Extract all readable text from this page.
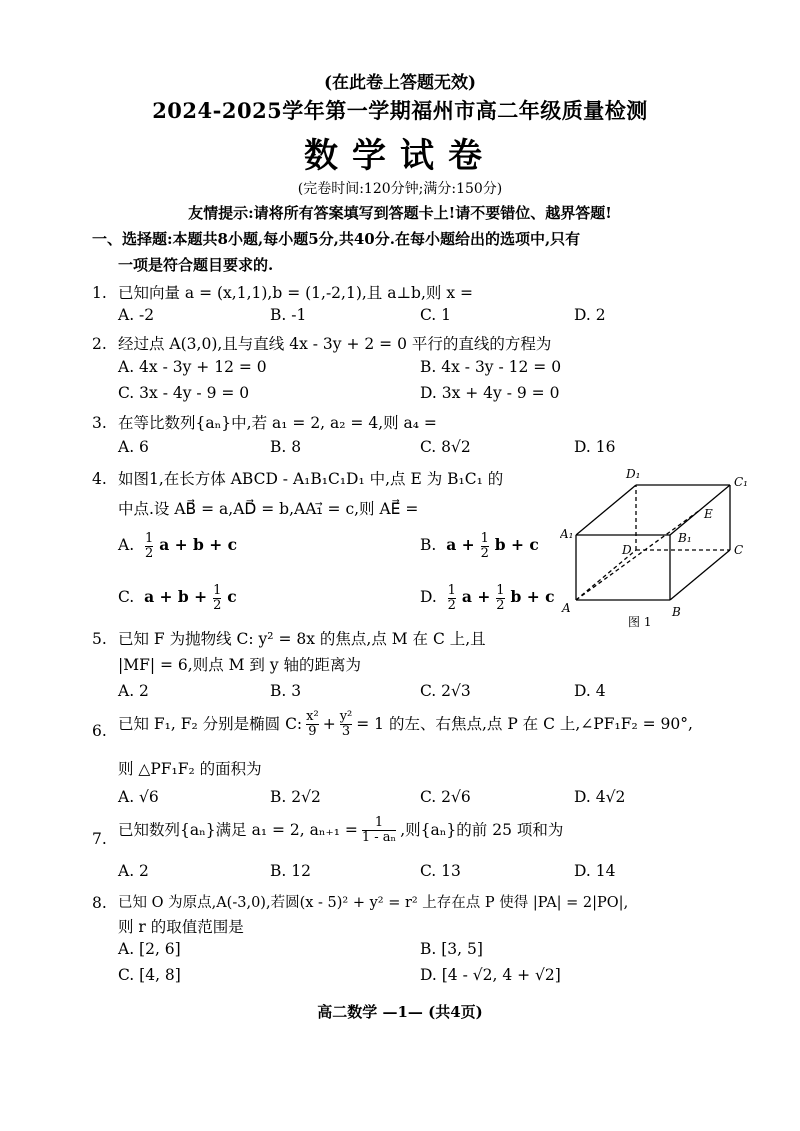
(在此卷上答题无效)
2024-2025学年第一学期福州市高二年级质量检测
数学试卷
(完卷时间:120分钟;满分:150分)
友情提示:请将所有答案填写到答题卡上!请不要错位、越界答题!
一、选择题:本题共8小题,每小题5分,共40分.在每小题给出的选项中,只有
一项是符合题目要求的.
1. 已知向量 a = (x,1,1),b = (1,-2,1),且 a⊥b,则 x =
A. -2	B. -1	C. 1	D. 2
2. 经过点 A(3,0),且与直线 4x - 3y + 2 = 0 平行的直线的方程为
A. 4x - 3y + 12 = 0	B. 4x - 3y - 12 = 0
C. 3x - 4y - 9 = 0	D. 3x + 4y - 9 = 0
3. 在等比数列{aₙ}中,若 a₁ = 2, a₂ = 4,则 a₄ =
A. 6	B. 8	C. 8√2	D. 16
4. 如图1,在长方体 ABCD - A₁B₁C₁D₁ 中,点 E 为 B₁C₁ 的
中点.设 AB⃗ = a,AD⃗ = b,AA₁⃗ = c,则 AE⃗ =
A. $\frac{1}{2}$ a + b + c	B. $a + \frac{1}{2}$ b + c
C. $a + b + \frac{1}{2}$ c	D. $\frac{1}{2}$ $a + \frac{1}{2}$ b + c
A	B
C
D
A₁	B₁
C₁
D₁
E
图 1
5. 已知 F 为抛物线 C: y² = 8x 的焦点,点 M 在 C 上,且
|MF| = 6,则点 M 到 y 轴的距离为
A. 2	B. 3	C. 2√3	D. 4
6. 已知 F₁, F₂ 分别是椭圆 C: $\frac{\text{x²}}{9} + \frac{\text{y²}}{3} = 1$ 的左、右焦点,点 P 在 C 上,∠PF₁F₂ = 90°,
则 △PF₁F₂ 的面积为
A. √6	B. 2√2	C. 2√6	D. 4√2
7. 已知数列{aₙ}满足 a₁ = 2, $a_{n+1} = \frac{1}{\text{1 - aₙ}}$ ,则{aₙ}的前 25 项和为
A. 2	B. 12	C. 13	D. 14
8. 已知 O 为原点,A(-3,0),若圆(x - 5)² + y² = r² 上存在点 P 使得 |PA| = 2|PO|,
则 r 的取值范围是
A. [2, 6]	B. [3, 5]
C. [4, 8]	D. [4 - √2, 4 + √2]
高二数学 —1— (共4页)
